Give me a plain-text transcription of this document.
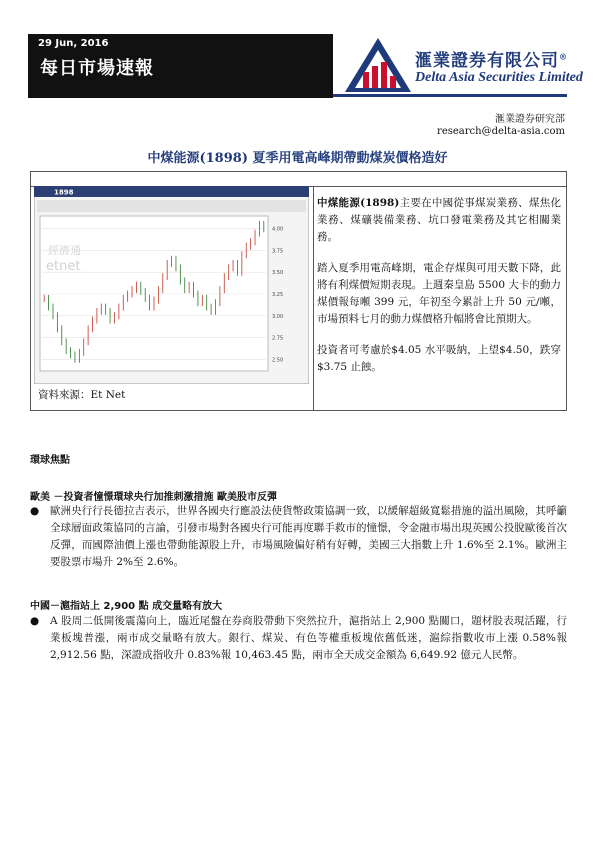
29 Jun, 2016
每日市場速報	滙業證券有限公司®
Delta Asia Securities Limited
滙業證券研究部
research@delta-asia.com
中煤能源(1898) 夏季用電高峰期帶動煤炭價格造好
1898
經濟通
etnet
4.00
3.75
3.50
3.25
3.00
2.75
2.50
資料來源：Et Net

中煤能源(1898)主要在中國從事煤炭業務、煤焦化業務、煤礦裝備業務、坑口發電業務及其它相關業務。

踏入夏季用電高峰期，電企存煤與可用天數下降，此將有利煤價短期表現。上週秦皇島 5500 大卡的動力煤價報每噸 399 元，年初至今累計上升 50 元/噸，市場預料七月的動力煤價格升幅將會比預期大。

投資者可考慮於$4.05 水平吸納，上望$4.50，跌穿$3.75 止蝕。

環球焦點
歐美 －投資者憧憬環球央行加推刺激措施 歐美股市反彈
● 歐洲央行行長德拉吉表示，世界各國央行應設法使貨幣政策協調一致，以緩解超級寬鬆措施的溢出風險，其呼籲全球層面政策協同的言論，引發市場對各國央行可能再度聯手救市的憧憬，令金融市場出現英國公投脫歐後首次反彈，而國際油價上漲也帶動能源股上升，市場風險偏好稍有好轉，美國三大指數上升 1.6%至 2.1%。歐洲主要股票市場升 2%至 2.6%。
中國－滬指站上 2,900 點 成交量略有放大
● A 股周二低開後震蕩向上，臨近尾盤在券商股帶動下突然拉升，滬指站上 2,900 點關口，題材股表現活躍，行業板塊普漲，兩市成交量略有放大。銀行、煤炭、有色等權重板塊依舊低迷，滬綜指數收市上漲 0.58%報 2,912.56 點，深證成指收升 0.83%報 10,463.45 點，兩市全天成交金額為 6,649.92 億元人民幣。
